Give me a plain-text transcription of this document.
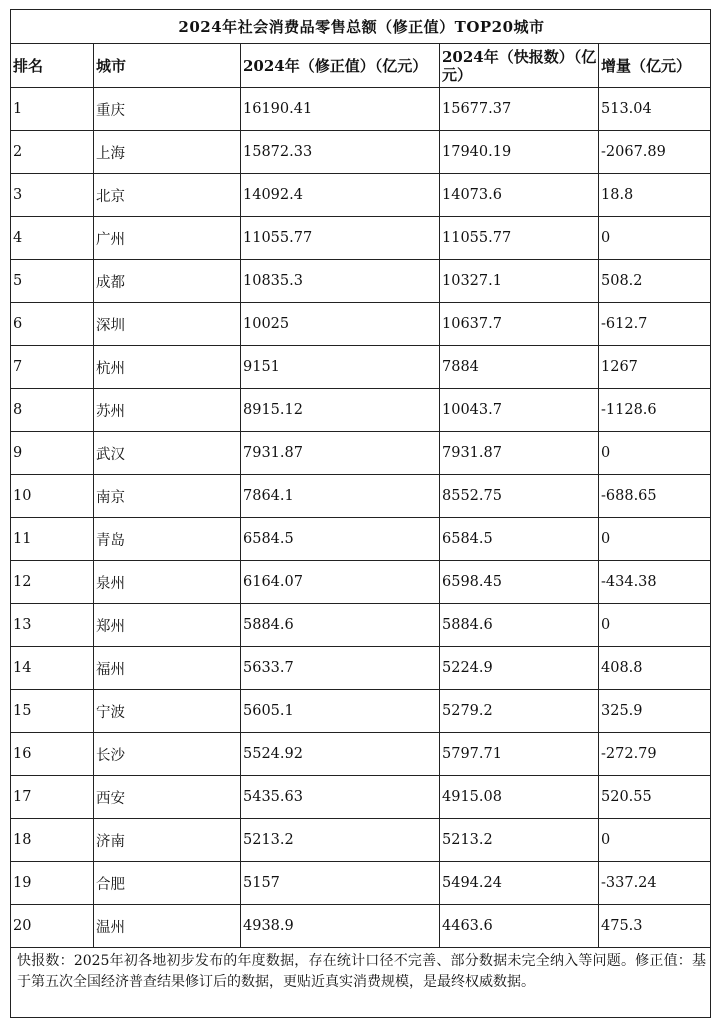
2024年社会消费品零售总额（修正值）TOP20城市				
排名	城市	2024年（修正值）（亿元）	2024年（快报数）（亿元）	增量（亿元）
1	重庆	16190.41	15677.37	513.04
2	上海	15872.33	17940.19	-2067.89
3	北京	14092.4	14073.6	18.8
4	广州	11055.77	11055.77	0
5	成都	10835.3	10327.1	508.2
6	深圳	10025	10637.7	-612.7
7	杭州	9151	7884	1267
8	苏州	8915.12	10043.7	-1128.6
9	武汉	7931.87	7931.87	0
10	南京	7864.1	8552.75	-688.65
11	青岛	6584.5	6584.5	0
12	泉州	6164.07	6598.45	-434.38
13	郑州	5884.6	5884.6	0
14	福州	5633.7	5224.9	408.8
15	宁波	5605.1	5279.2	325.9
16	长沙	5524.92	5797.71	-272.79
17	西安	5435.63	4915.08	520.55
18	济南	5213.2	5213.2	0
19	合肥	5157	5494.24	-337.24
20	温州	4938.9	4463.6	475.3
快报数：2025年初各地初步发布的年度数据，存在统计口径不完善、部分数据未完全纳入等问题。修正值：基于第五次全国经济普查结果修订后的数据，更贴近真实消费规模，是最终权威数据。				
